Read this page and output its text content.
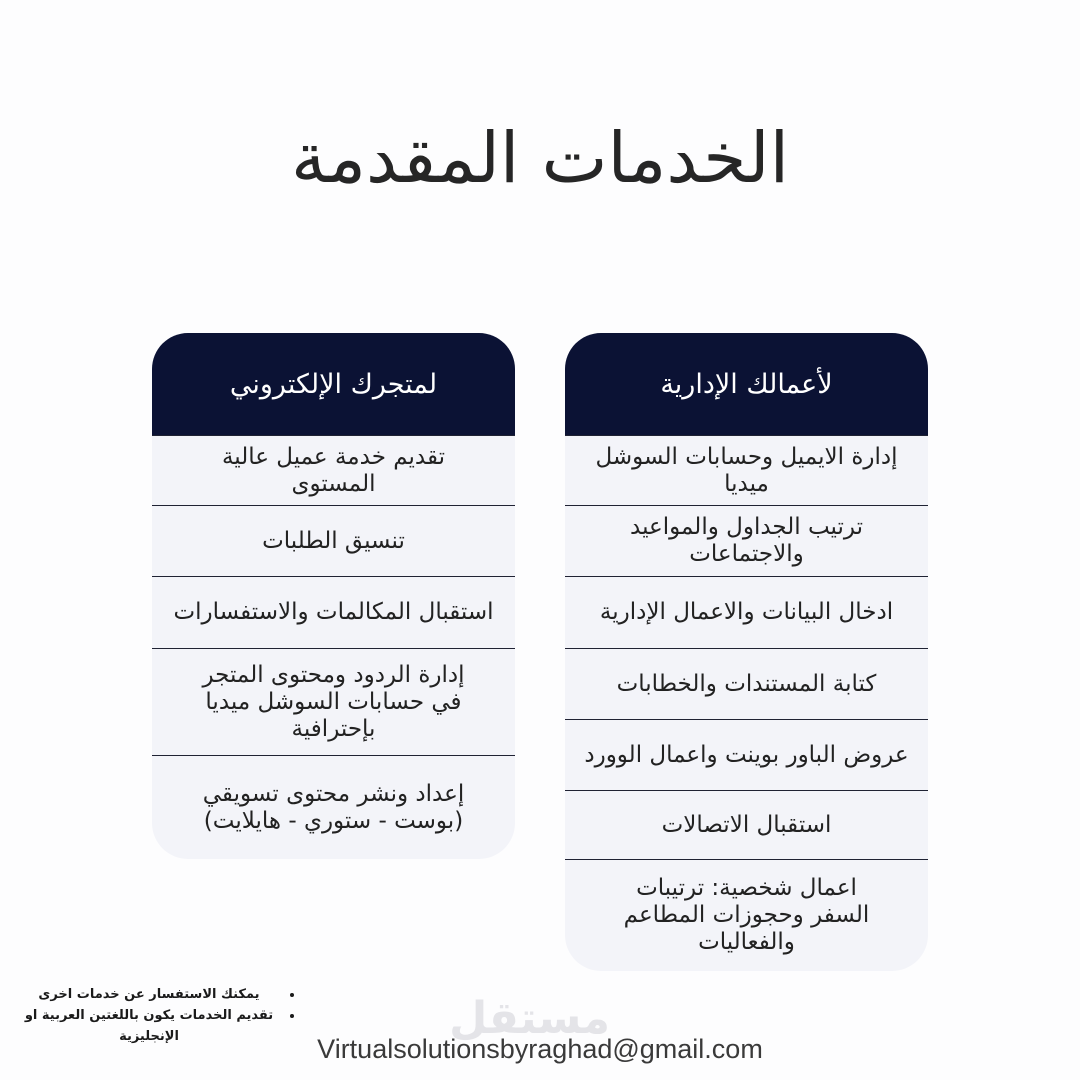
الخدمات المقدمة
لأعمالك الإدارية
إدارة الايميل وحسابات السوشل ميديا
ترتيب الجداول والمواعيد والاجتماعات
ادخال البيانات والاعمال الإدارية
كتابة المستندات والخطابات
عروض الباور بوينت واعمال الوورد
استقبال الاتصالات
اعمال شخصية: ترتيبات السفر وحجوزات المطاعم والفعاليات
لمتجرك الإلكتروني
تقديم خدمة عميل عالية المستوى
تنسيق الطلبات
استقبال المكالمات والاستفسارات
إدارة الردود ومحتوى المتجر في حسابات السوشل ميديا بإحترافية
إعداد ونشر محتوى تسويقي (بوست - ستوري - هايلايت)
• يمكنك الاستفسار عن خدمات اخرى
• تقديم الخدمات يكون باللغتين العربية او الإنجليزية	مستقل
Virtualsolutionsbyraghad@gmail.com
